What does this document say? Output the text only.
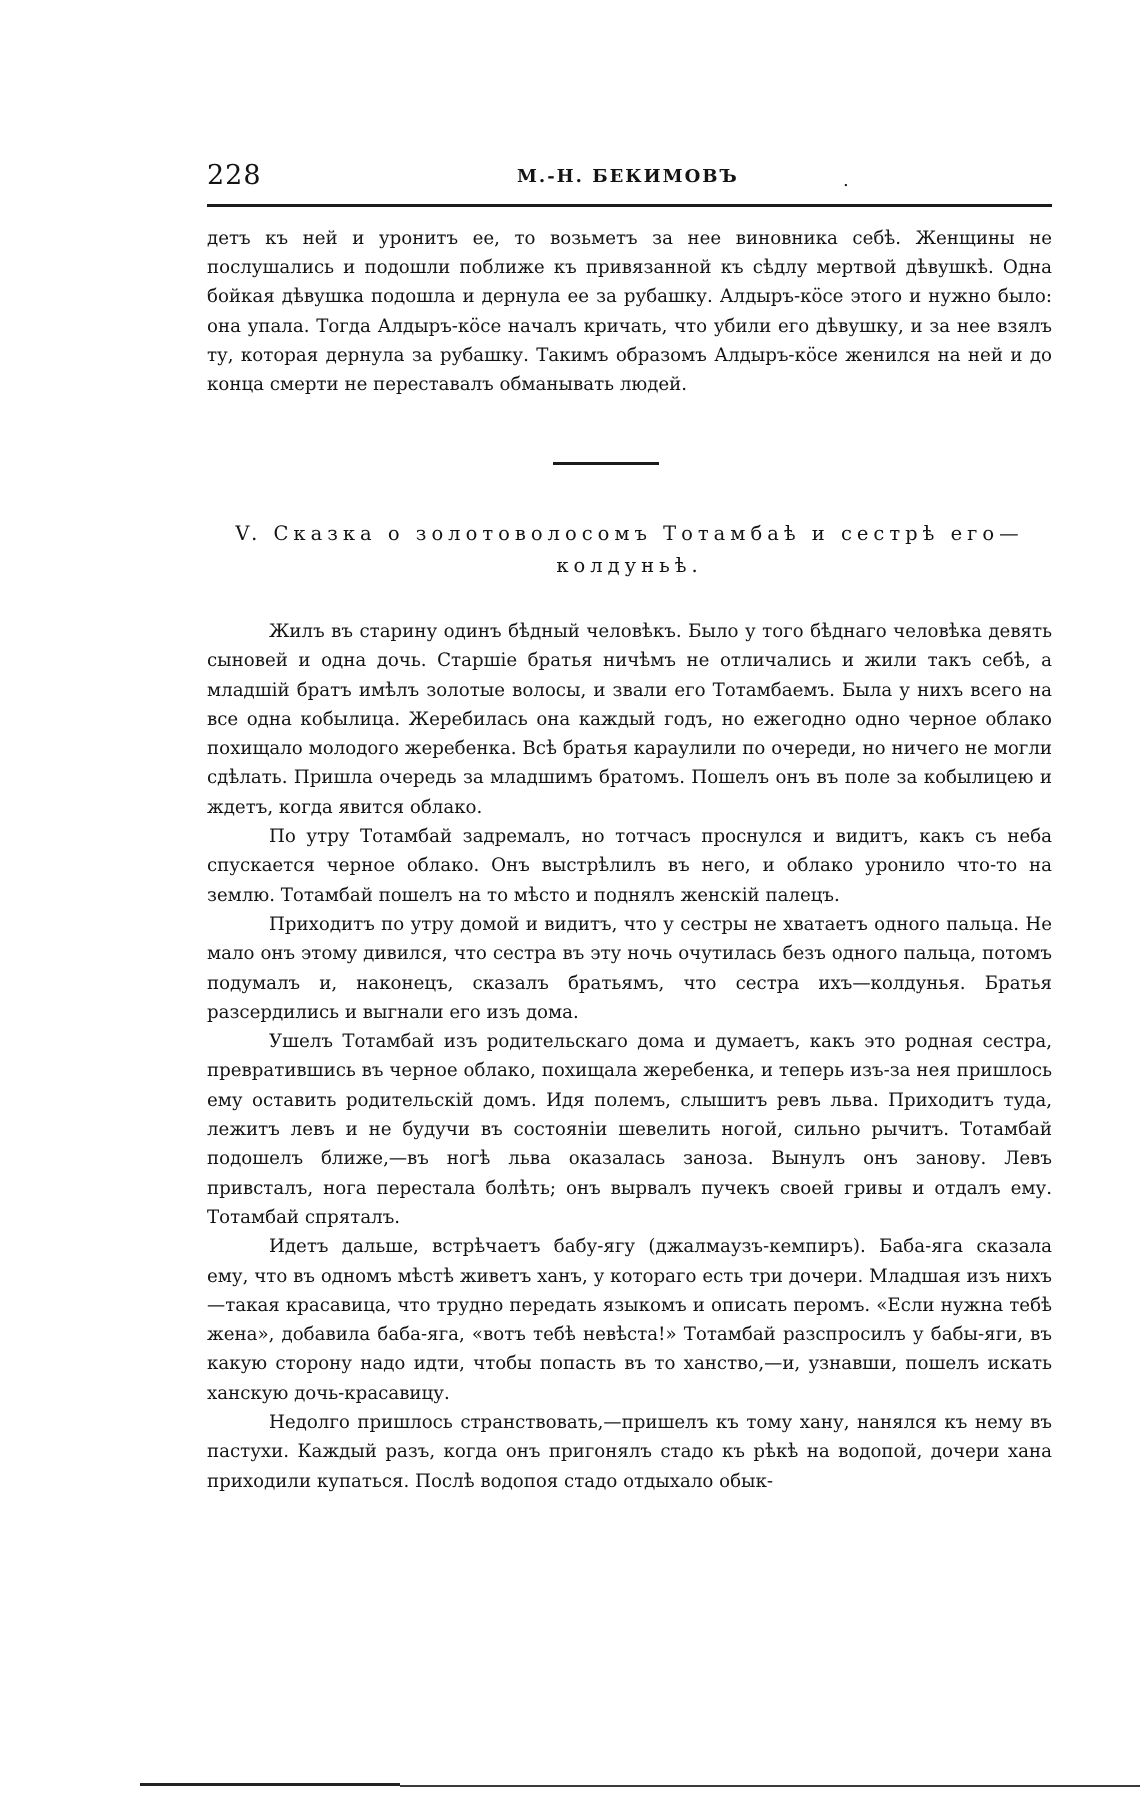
228	М.-Н. БЕКИМОВЪ	.

детъ къ ней и уронитъ ее, то возьметъ за нее виновника себѣ. Женщины не послушались и подошли поближе къ привязанной къ сѣдлу мертвой дѣвушкѣ. Одна бойкая дѣвушка подошла и дернула ее за рубашку. Алдыръ-кöсе этого и нужно было: она упала. Тогда Алдыръ-кöсе началъ кричать, что убили его дѣвушку, и за нее взялъ ту, которая дернула за рубашку. Такимъ образомъ Алдыръ-кöсе женился на ней и до конца смерти не переставалъ обманывать людей.

V. Сказка о золотоволосомъ Тотамбаѣ и сестрѣ его—
колдуньѣ.

Жилъ въ старину одинъ бѣдный человѣкъ. Было у того бѣднаго человѣка девять сыновей и одна дочь. Старшіе братья ничѣмъ не отличались и жили такъ себѣ, а младшій братъ имѣлъ золотые волосы, и звали его Тотамбаемъ. Была у нихъ всего на все одна кобылица. Жеребилась она каждый годъ, но ежегодно одно черное облако похищало молодого жеребенка. Всѣ братья караулили по очереди, но ничего не могли сдѣлать. Пришла очередь за младшимъ братомъ. Пошелъ онъ въ поле за кобылицею и ждетъ, когда явится облако.

По утру Тотамбай задремалъ, но тотчасъ проснулся и видитъ, какъ съ неба спускается черное облако. Онъ выстрѣлилъ въ него, и облако уронило что-то на землю. Тотамбай пошелъ на то мѣсто и поднялъ женскій палецъ.

Приходитъ по утру домой и видитъ, что у сестры не хватаетъ одного пальца. Не мало онъ этому дивился, что сестра въ эту ночь очутилась безъ одного пальца, потомъ подумалъ и, наконецъ, сказалъ братьямъ, что сестра ихъ—колдунья. Братья разсердились и выгнали его изъ дома.

Ушелъ Тотамбай изъ родительскаго дома и думаетъ, какъ это родная сестра, превратившись въ черное облако, похищала жеребенка, и теперь изъ-за нея пришлось ему оставить родительскій домъ. Идя полемъ, слышитъ ревъ льва. Приходитъ туда, лежитъ левъ и не будучи въ состояніи шевелить ногой, сильно рычитъ. Тотамбай подошелъ ближе,—въ ногѣ льва оказалась заноза. Вынулъ онъ занову. Левъ привсталъ, нога перестала болѣть; онъ вырвалъ пучекъ своей гривы и отдалъ ему. Тотамбай спряталъ.

Идетъ дальше, встрѣчаетъ бабу-ягу (джалмаузъ-кемпиръ). Баба-яга сказала ему, что въ одномъ мѣстѣ живетъ ханъ, у котораго есть три дочери. Младшая изъ нихъ—такая красавица, что трудно передать языкомъ и описать перомъ. «Если нужна тебѣ жена», добавила баба-яга, «вотъ тебѣ невѣста!» Тотамбай разспросилъ у бабы-яги, въ какую сторону надо идти, чтобы попасть въ то ханство,—и, узнавши, пошелъ искать ханскую дочь-красавицу.

Недолго пришлось странствовать,—пришелъ къ тому хану, нанялся къ нему въ пастухи. Каждый разъ, когда онъ пригонялъ стадо къ рѣкѣ на водопой, дочери хана приходили купаться. Послѣ водопоя стадо отдыхало обык-
